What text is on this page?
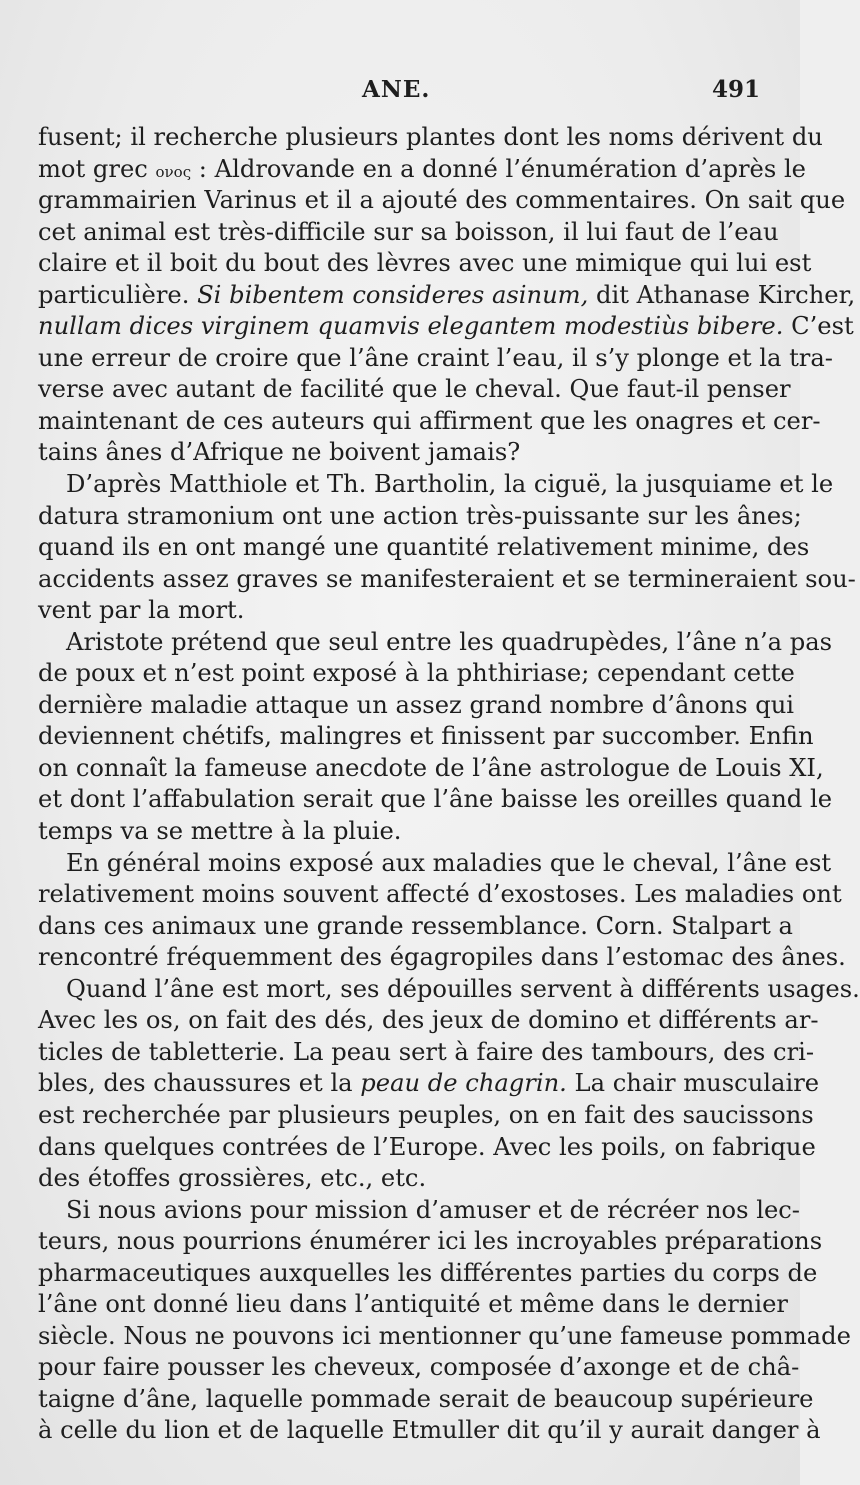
ANE.	491
fusent; il recherche plusieurs plantes dont les noms dérivent du
mot grec ονος : Aldrovande en a donné l’énumération d’après le
grammairien Varinus et il a ajouté des commentaires. On sait que
cet animal est très-difficile sur sa boisson, il lui faut de l’eau
claire et il boit du bout des lèvres avec une mimique qui lui est
particulière. Si bibentem consideres asinum, dit Athanase Kircher,
nullam dices virginem quamvis elegantem modestiùs bibere. C’est
une erreur de croire que l’âne craint l’eau, il s’y plonge et la tra-
verse avec autant de facilité que le cheval. Que faut-il penser
maintenant de ces auteurs qui affirment que les onagres et cer-
tains ânes d’Afrique ne boivent jamais?
D’après Matthiole et Th. Bartholin, la ciguë, la jusquiame et le
datura stramonium ont une action très-puissante sur les ânes;
quand ils en ont mangé une quantité relativement minime, des
accidents assez graves se manifesteraient et se termineraient sou-
vent par la mort.
Aristote prétend que seul entre les quadrupèdes, l’âne n’a pas
de poux et n’est point exposé à la phthiriase; cependant cette
dernière maladie attaque un assez grand nombre d’ânons qui
deviennent chétifs, malingres et finissent par succomber. Enfin
on connaît la fameuse anecdote de l’âne astrologue de Louis XI,
et dont l’affabulation serait que l’âne baisse les oreilles quand le
temps va se mettre à la pluie.
En général moins exposé aux maladies que le cheval, l’âne est
relativement moins souvent affecté d’exostoses. Les maladies ont
dans ces animaux une grande ressemblance. Corn. Stalpart a
rencontré fréquemment des égagropiles dans l’estomac des ânes.
Quand l’âne est mort, ses dépouilles servent à différents usages.
Avec les os, on fait des dés, des jeux de domino et différents ar-
ticles de tabletterie. La peau sert à faire des tambours, des cri-
bles, des chaussures et la peau de chagrin. La chair musculaire
est recherchée par plusieurs peuples, on en fait des saucissons
dans quelques contrées de l’Europe. Avec les poils, on fabrique
des étoffes grossières, etc., etc.
Si nous avions pour mission d’amuser et de récréer nos lec-
teurs, nous pourrions énumérer ici les incroyables préparations
pharmaceutiques auxquelles les différentes parties du corps de
l’âne ont donné lieu dans l’antiquité et même dans le dernier
siècle. Nous ne pouvons ici mentionner qu’une fameuse pommade
pour faire pousser les cheveux, composée d’axonge et de châ-
taigne d’âne, laquelle pommade serait de beaucoup supérieure
à celle du lion et de laquelle Etmuller dit qu’il y aurait danger à
